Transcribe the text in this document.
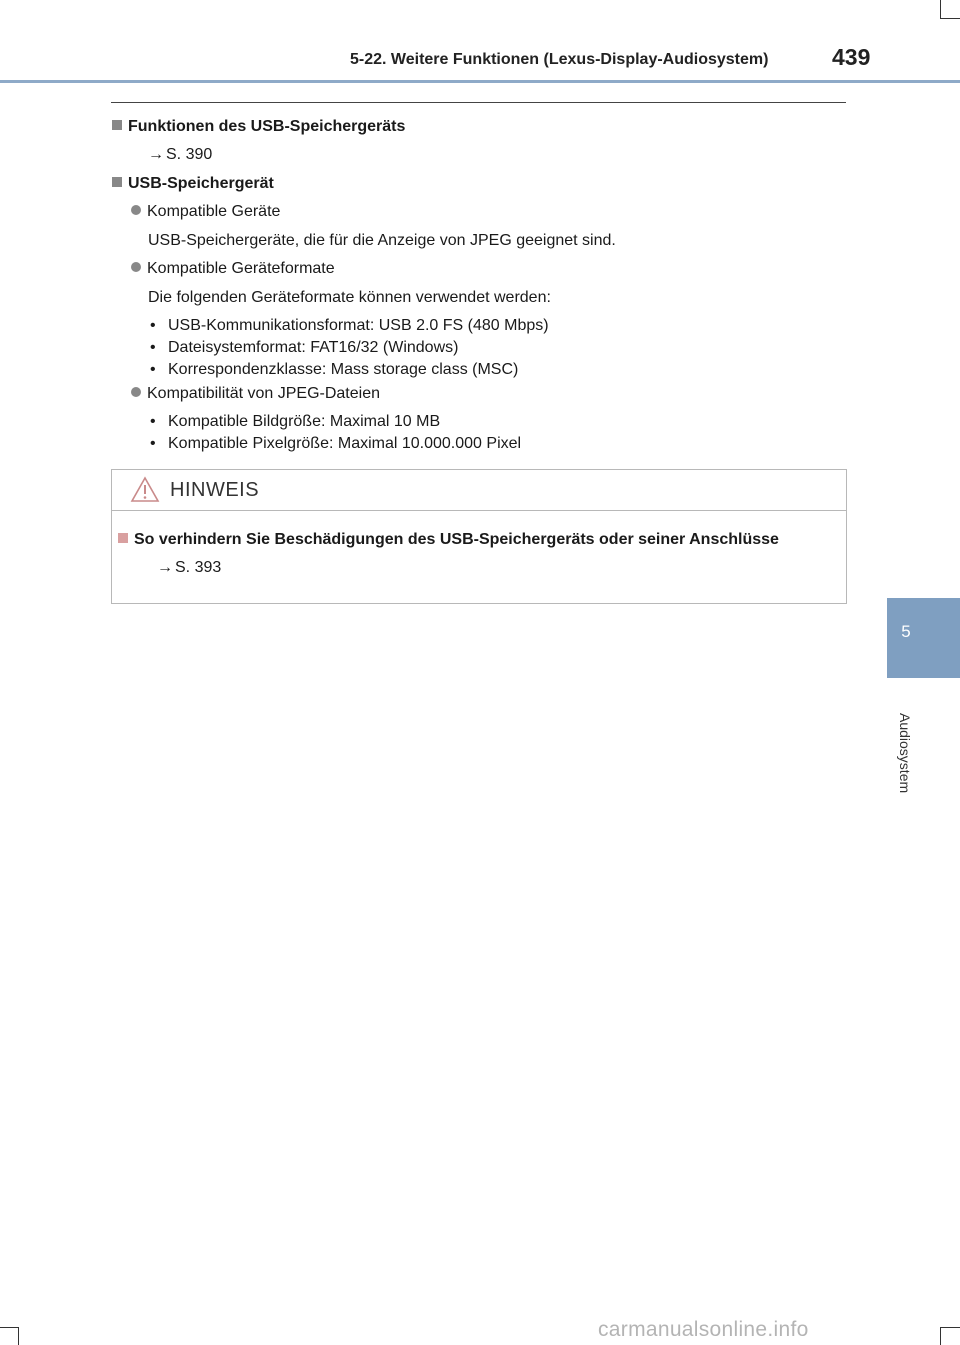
5-22. Weitere Funktionen (Lexus-Display-Audiosystem)	439
5
Audiosystem
Funktionen des USB-Speichergeräts
→ S. 390
USB-Speichergerät
Kompatible Geräte
USB-Speichergeräte, die für die Anzeige von JPEG geeignet sind.
Kompatible Geräteformate
Die folgenden Geräteformate können verwendet werden:
• USB-Kommunikationsformat: USB 2.0 FS (480 Mbps)
• Dateisystemformat: FAT16/32 (Windows)
• Korrespondenzklasse: Mass storage class (MSC)
Kompatibilität von JPEG-Dateien
• Kompatible Bildgröße: Maximal 10 MB
• Kompatible Pixelgröße: Maximal 10.000.000 Pixel
HINWEIS
So verhindern Sie Beschädigungen des USB-Speichergeräts oder seiner Anschlüsse
→ S. 393
carmanualsonline.info
